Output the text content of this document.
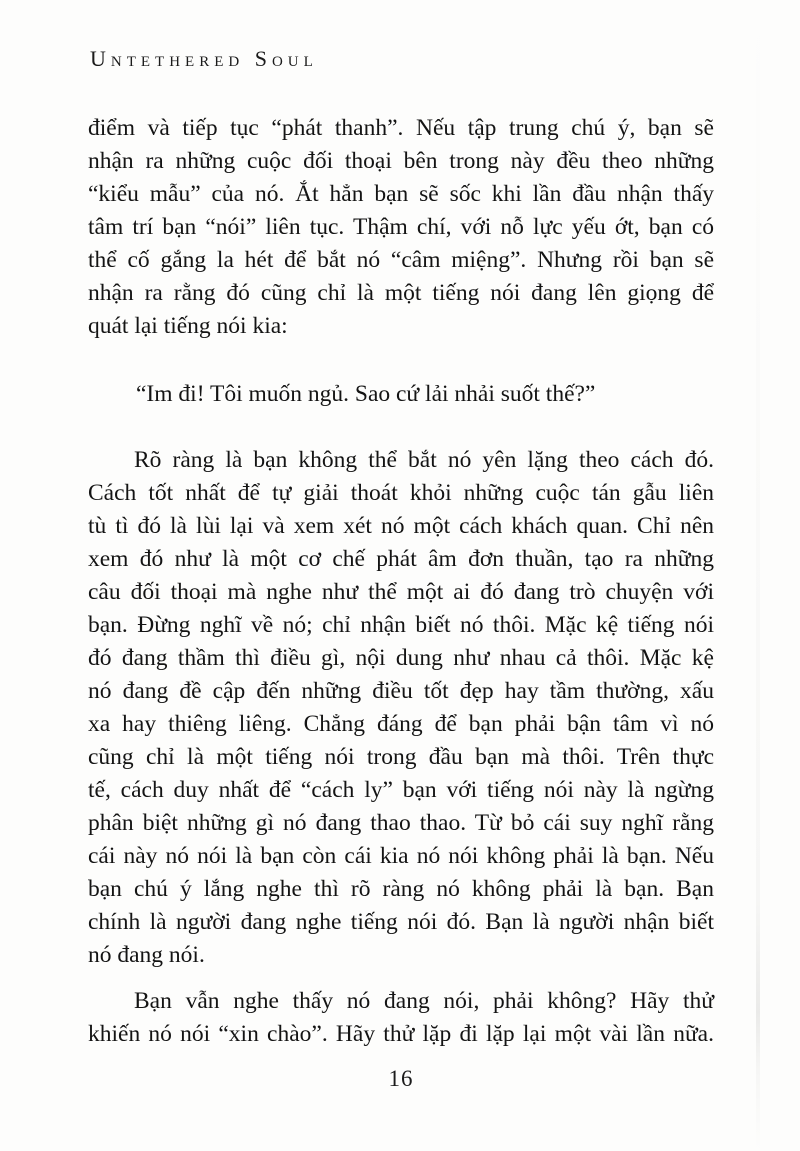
Untethered Soul
điểm và tiếp tục “phát thanh”. Nếu tập trung chú ý, bạn sẽ
nhận ra những cuộc đối thoại bên trong này đều theo những
“kiểu mẫu” của nó. Ắt hẳn bạn sẽ sốc khi lần đầu nhận thấy
tâm trí bạn “nói” liên tục. Thậm chí, với nỗ lực yếu ớt, bạn có
thể cố gắng la hét để bắt nó “câm miệng”. Nhưng rồi bạn sẽ
nhận ra rằng đó cũng chỉ là một tiếng nói đang lên giọng để
quát lại tiếng nói kia:
“Im đi! Tôi muốn ngủ. Sao cứ lải nhải suốt thế?”
Rõ ràng là bạn không thể bắt nó yên lặng theo cách đó.
Cách tốt nhất để tự giải thoát khỏi những cuộc tán gẫu liên
tù tì đó là lùi lại và xem xét nó một cách khách quan. Chỉ nên
xem đó như là một cơ chế phát âm đơn thuần, tạo ra những
câu đối thoại mà nghe như thể một ai đó đang trò chuyện với
bạn. Đừng nghĩ về nó; chỉ nhận biết nó thôi. Mặc kệ tiếng nói
đó đang thầm thì điều gì, nội dung như nhau cả thôi. Mặc kệ
nó đang đề cập đến những điều tốt đẹp hay tầm thường, xấu
xa hay thiêng liêng. Chẳng đáng để bạn phải bận tâm vì nó
cũng chỉ là một tiếng nói trong đầu bạn mà thôi. Trên thực
tế, cách duy nhất để “cách ly” bạn với tiếng nói này là ngừng
phân biệt những gì nó đang thao thao. Từ bỏ cái suy nghĩ rằng
cái này nó nói là bạn còn cái kia nó nói không phải là bạn. Nếu
bạn chú ý lắng nghe thì rõ ràng nó không phải là bạn. Bạn
chính là người đang nghe tiếng nói đó. Bạn là người nhận biết
nó đang nói.
Bạn vẫn nghe thấy nó đang nói, phải không? Hãy thử
khiến nó nói “xin chào”. Hãy thử lặp đi lặp lại một vài lần nữa.
16
